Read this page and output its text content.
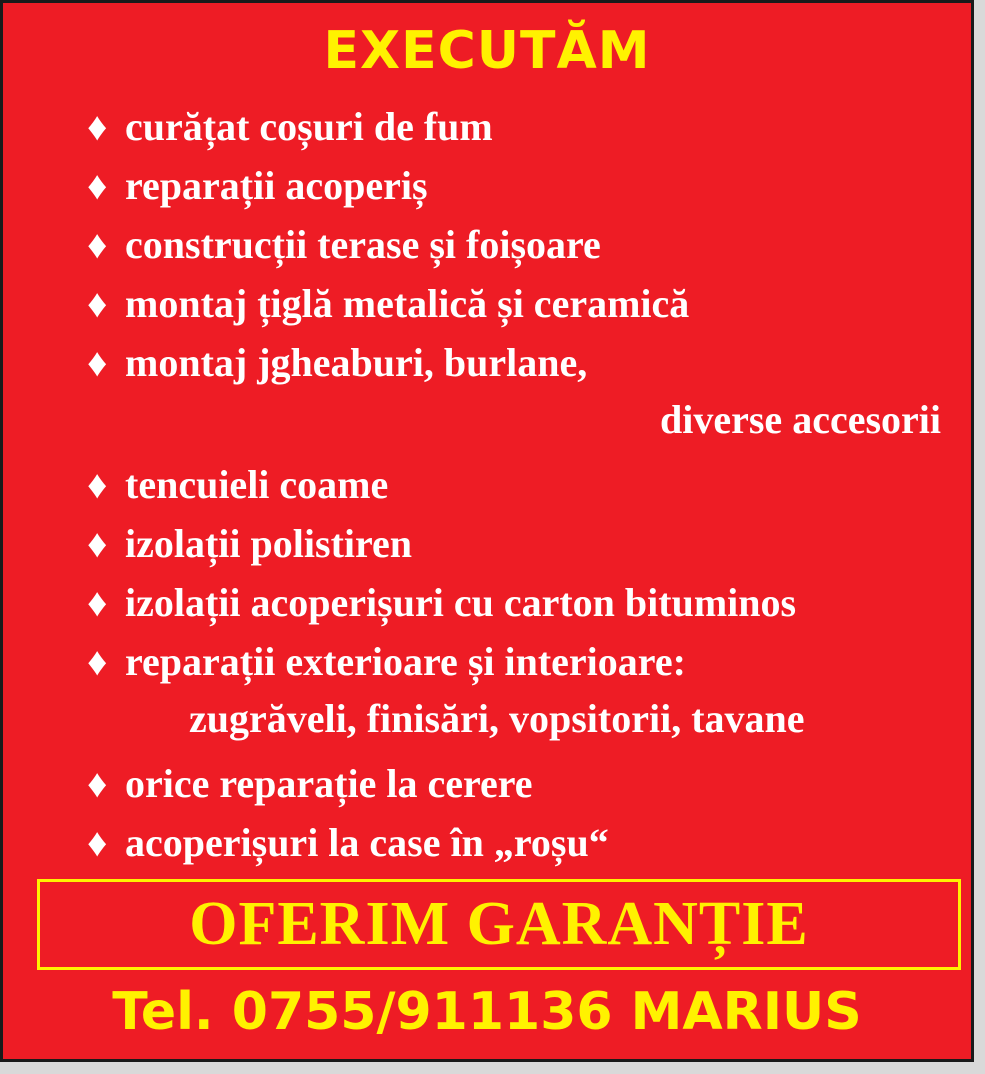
EXECUTĂM
♦ curățat coșuri de fum
♦ reparații acoperiș
♦ construcții terase și foișoare
♦ montaj țiglă metalică și ceramică
♦ montaj jgheaburi, burlane,
diverse accesorii
♦ tencuieli coame
♦ izolații polistiren
♦ izolații acoperișuri cu carton bituminos
♦ reparații exterioare și interioare:
zugrăveli, finisări, vopsitorii, tavane
♦ orice reparație la cerere
♦ acoperișuri la case în „roșu“
OFERIM GARANȚIE
Tel. 0755/911136 MARIUS
